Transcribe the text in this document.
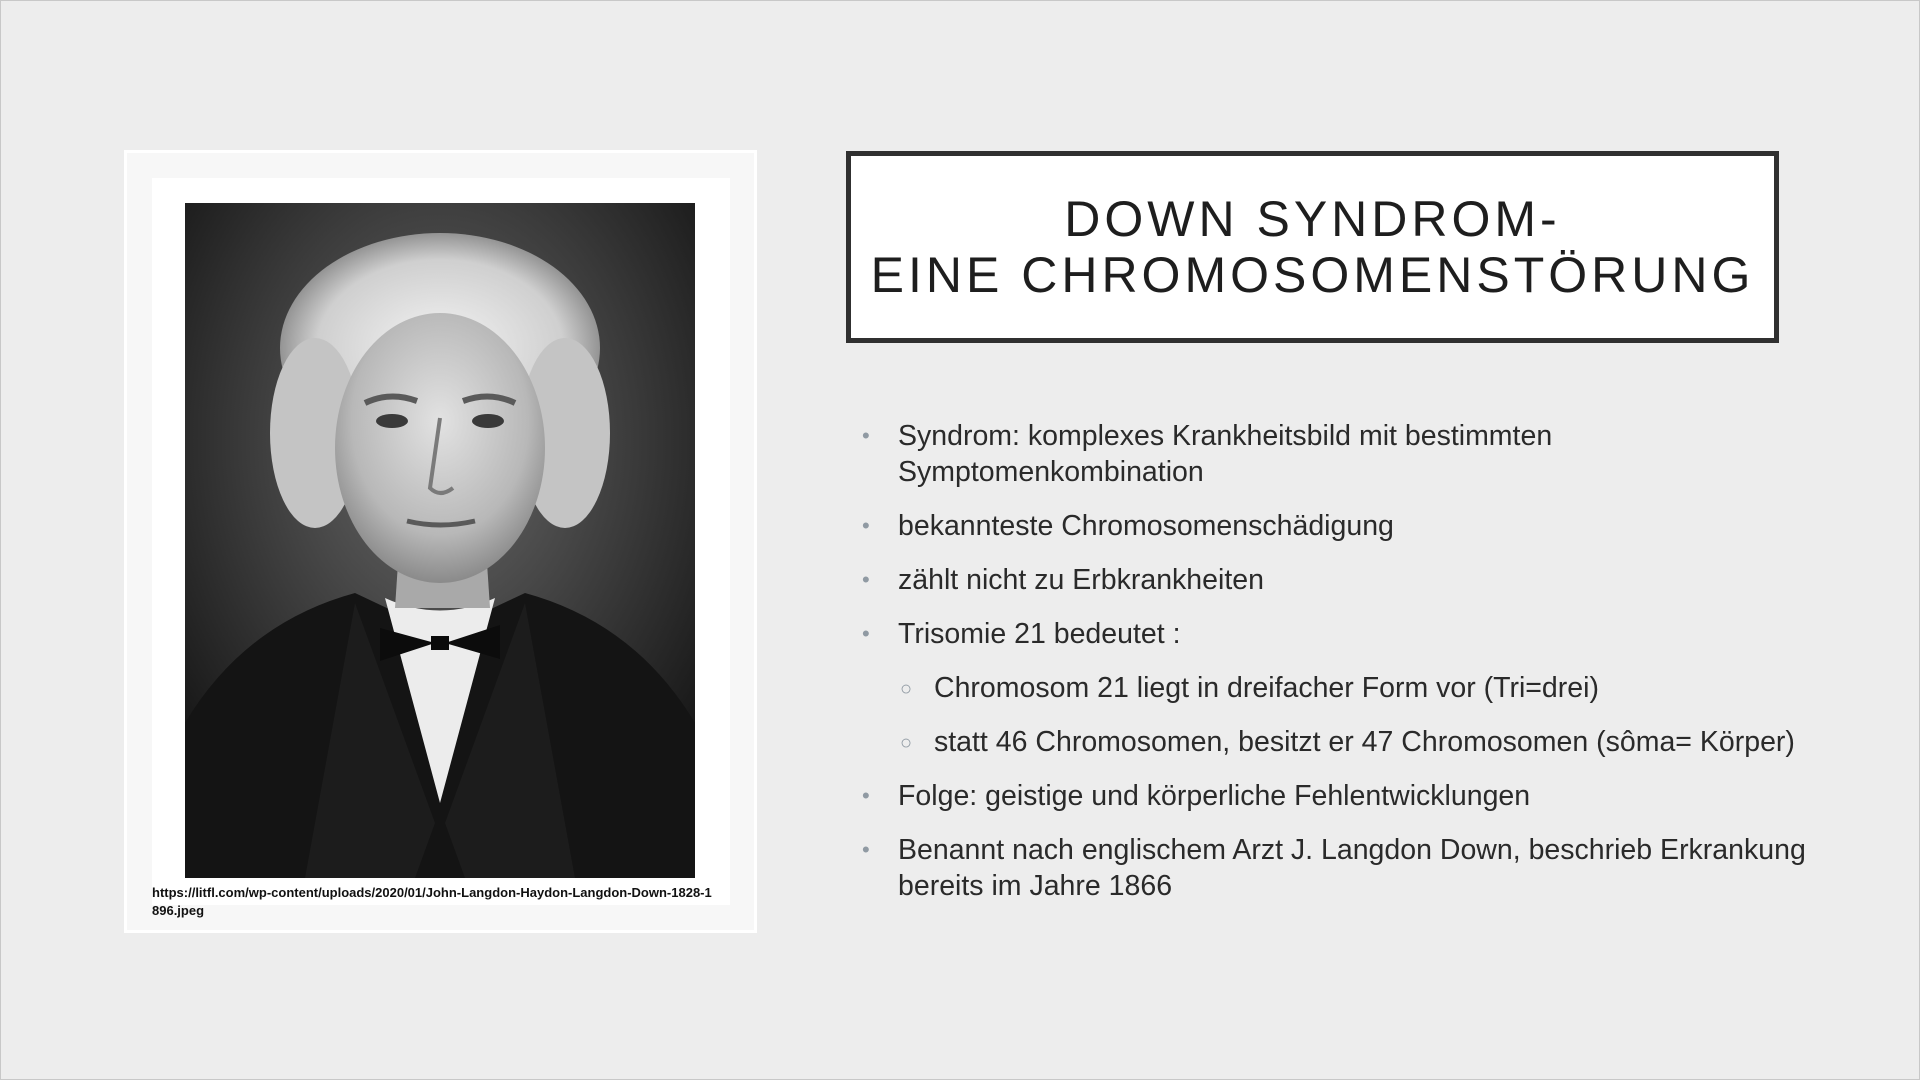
https://litfl.com/wp-content/uploads/2020/01/John-Langdon-Haydon-Langdon-Down-1828-1896.jpeg
DOWN SYNDROM-
EINE CHROMOSOMENSTÖRUNG
• Syndrom: komplexes Krankheitsbild mit bestimmten
Symptomenkombination
• bekannteste Chromosomenschädigung
• zählt nicht zu Erbkrankheiten
• Trisomie 21 bedeutet :
○ Chromosom 21 liegt in dreifacher Form vor (Tri=drei)
○ statt 46 Chromosomen, besitzt er 47 Chromosomen (sôma= Körper)
• Folge: geistige und körperliche Fehlentwicklungen
• Benannt nach englischem Arzt J. Langdon Down, beschrieb Erkrankung
bereits im Jahre 1866
